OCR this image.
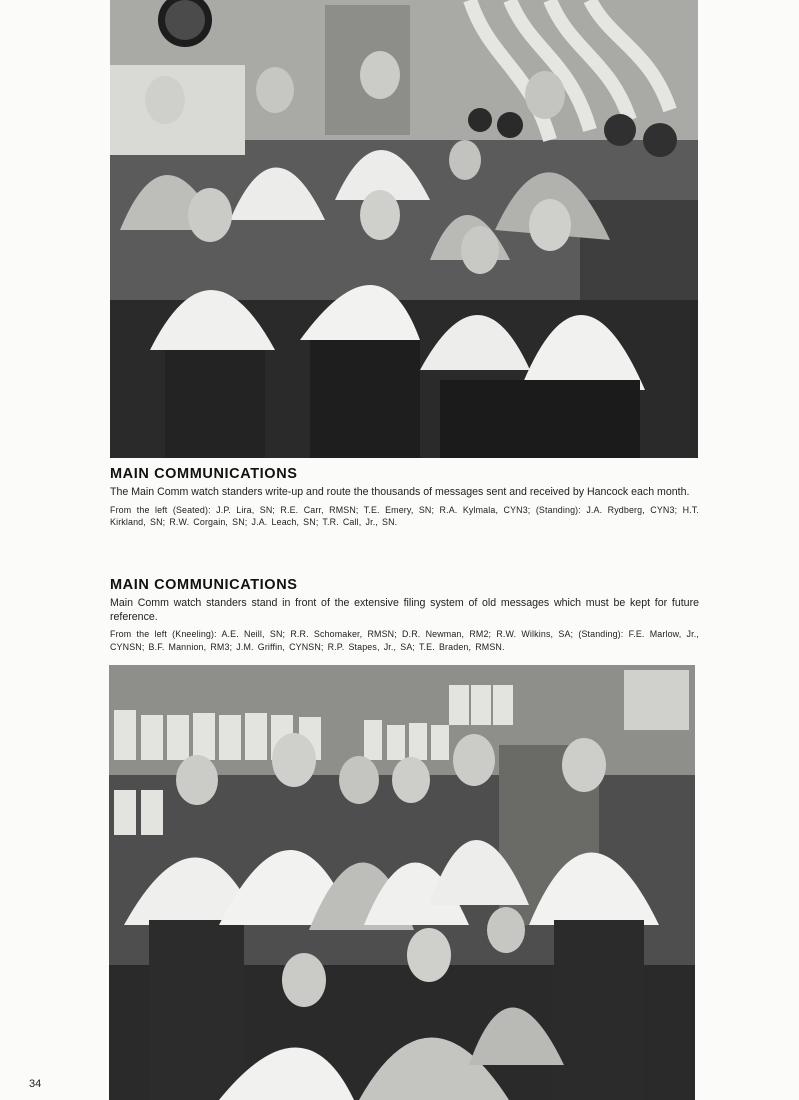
MAIN COMMUNICATIONS

The Main Comm watch standers write-up and route the thousands of messages sent and received by Hancock each month.

From the left (Seated): J.P. Lira, SN; R.E. Carr, RMSN; T.E. Emery, SN; R.A. Kylmala, CYN3; (Standing): J.A. Rydberg, CYN3; H.T. Kirkland, SN; R.W. Corgain, SN; J.A. Leach, SN; T.R. Call, Jr., SN.

MAIN COMMUNICATIONS

Main Comm watch standers stand in front of the extensive filing system of old messages which must be kept for future reference.

From the left (Kneeling): A.E. Neill, SN; R.R. Schomaker, RMSN; D.R. Newman, RM2; R.W. Wilkins, SA; (Standing): F.E. Marlow, Jr., CYNSN; B.F. Mannion, RM3; J.M. Griffin, CYNSN; R.P. Stapes, Jr., SA; T.E. Braden, RMSN.

34
